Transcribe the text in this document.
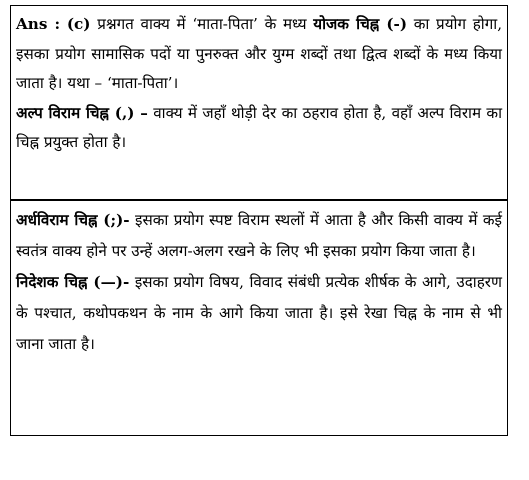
Ans : (c) प्रश्नगत वाक्य में ‘माता-पिता’ के मध्य योजक चिह्न (-) का प्रयोग होगा, इसका प्रयोग सामासिक पदों या पुनरुक्त और युग्म शब्दों तथा द्वित्व शब्दों के मध्य किया जाता है। यथा – ‘माता-पिता’।

अल्प विराम चिह्न (,) – वाक्य में जहाँ थोड़ी देर का ठहराव होता है, वहाँ अल्प विराम का चिह्न प्रयुक्त होता है।

अर्धविराम चिह्न (;)- इसका प्रयोग स्पष्ट विराम स्थलों में आता है और किसी वाक्य में कई स्वतंत्र वाक्य होने पर उन्हें अलग-अलग रखने के लिए भी इसका प्रयोग किया जाता है।

निदेशक चिह्न (—)- इसका प्रयोग विषय, विवाद संबंधी प्रत्येक शीर्षक के आगे, उदाहरण के पश्चात, कथोपकथन के नाम के आगे किया जाता है। इसे रेखा चिह्न के नाम से भी जाना जाता है।
